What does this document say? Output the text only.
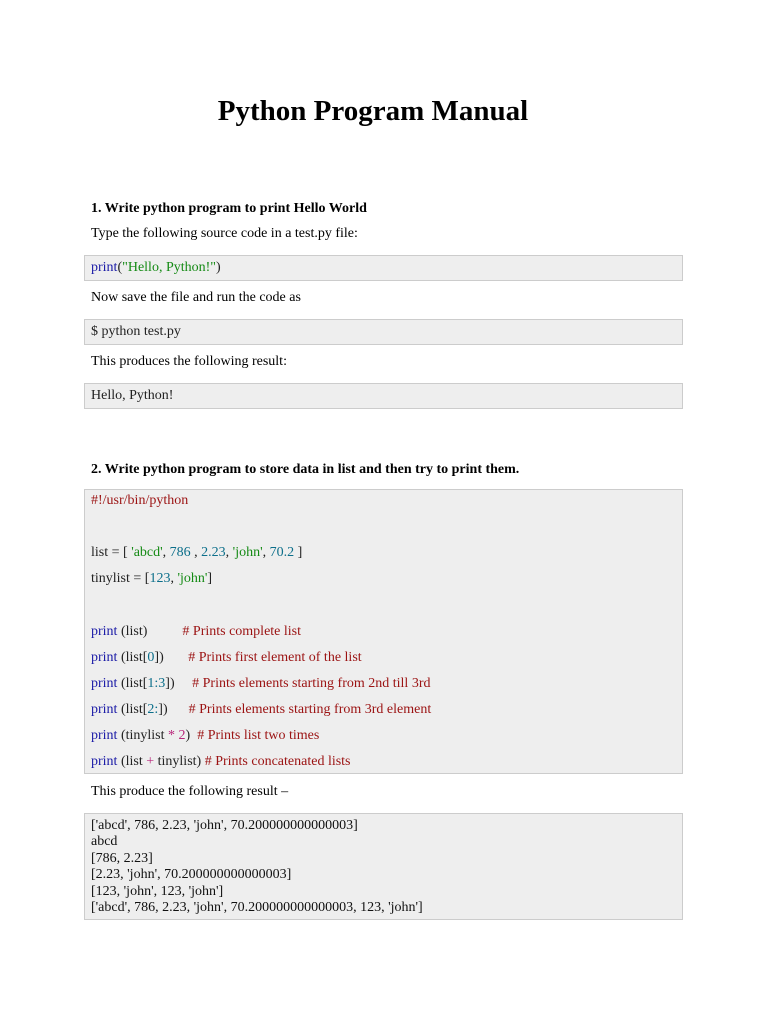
Python Program Manual
1. Write python program to print Hello World
Type the following source code in a test.py file:
print("Hello, Python!")
Now save the file and run the code as
$ python test.py
This produces the following result:
Hello, Python!
2. Write python program to store data in list and then try to print them.
#!/usr/bin/python
list = [ 'abcd', 786 , 2.23, 'john', 70.2 ]
tinylist = [123, 'john']
print (list)          # Prints complete list
print (list[0])       # Prints first element of the list
print (list[1:3])     # Prints elements starting from 2nd till 3rd
print (list[2:])      # Prints elements starting from 3rd element
print (tinylist * 2)  # Prints list two times
print (list + tinylist) # Prints concatenated lists
This produce the following result –
['abcd', 786, 2.23, 'john', 70.200000000000003]
abcd
[786, 2.23]
[2.23, 'john', 70.200000000000003]
[123, 'john', 123, 'john']
['abcd', 786, 2.23, 'john', 70.200000000000003, 123, 'john']
